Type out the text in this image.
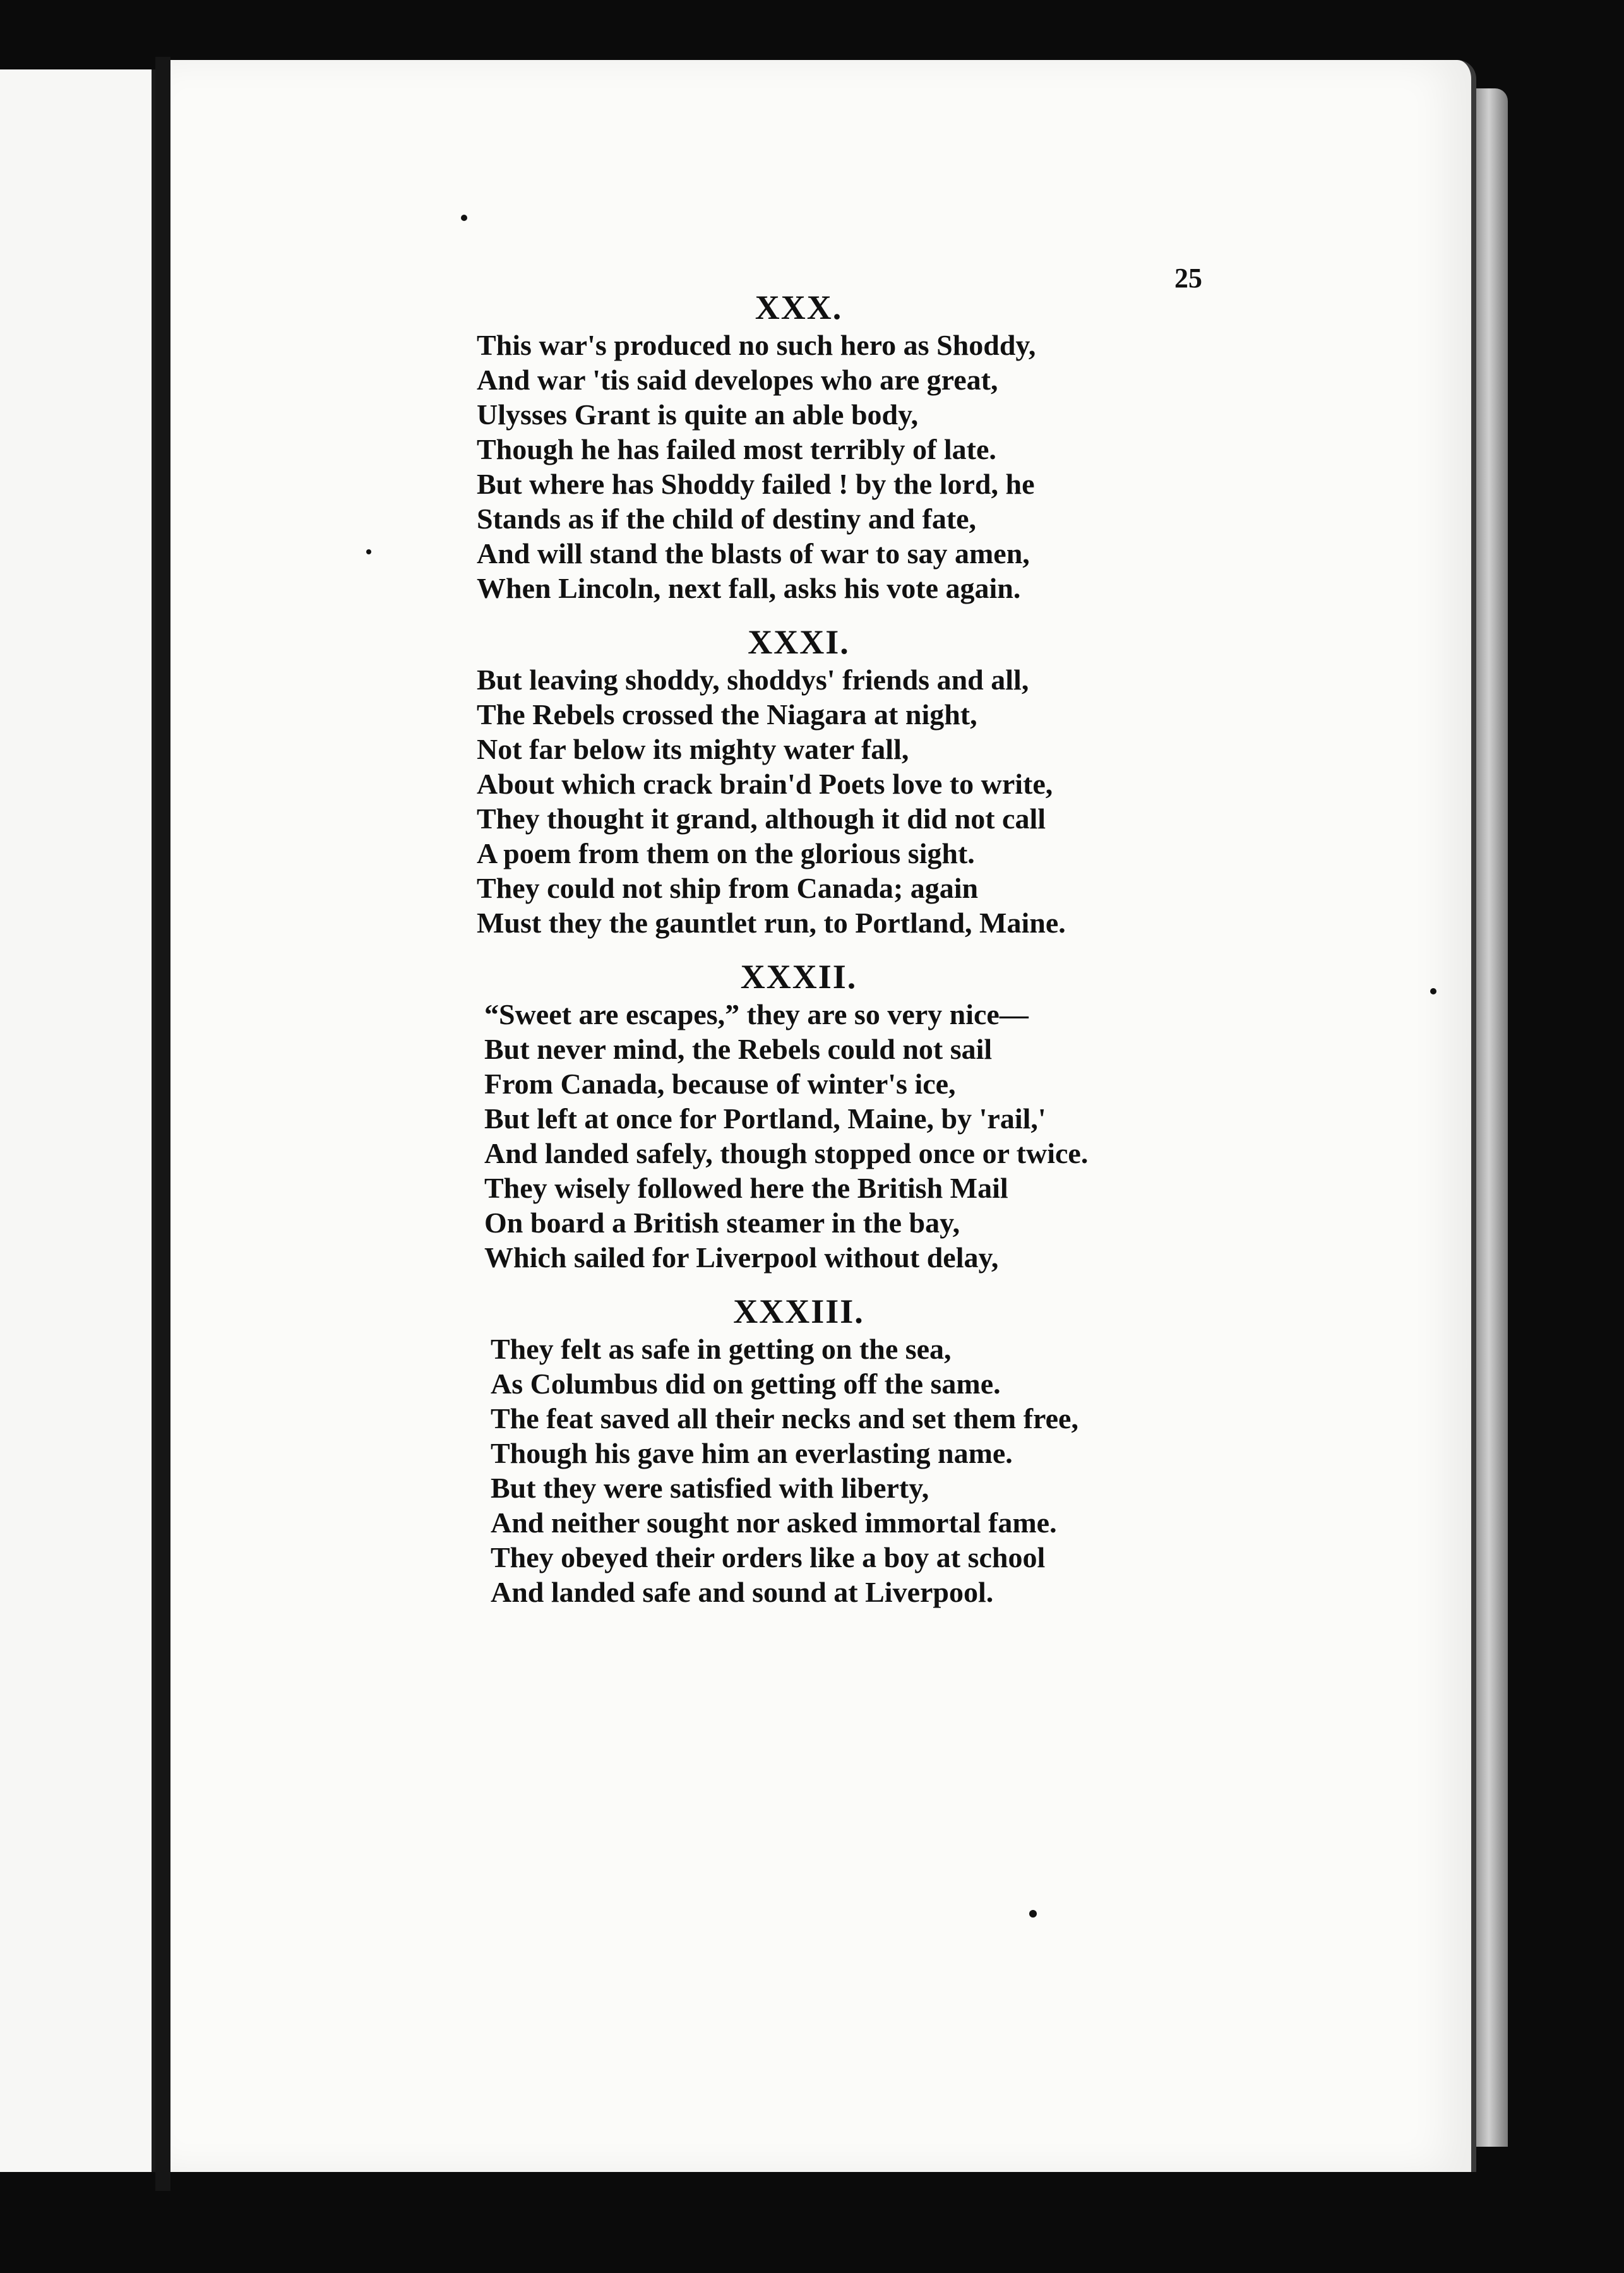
25
XXX.
This war's produced no such hero as Shoddy,
And war 'tis said developes who are great,
Ulysses Grant is quite an able body,
Though he has failed most terribly of late.
But where has Shoddy failed ! by the lord, he
Stands as if the child of destiny and fate,
And will stand the blasts of war to say amen,
When Lincoln, next fall, asks his vote again.
XXXI.
But leaving shoddy, shoddys' friends and all,
The Rebels crossed the Niagara at night,
Not far below its mighty water fall,
About which crack brain'd Poets love to write,
They thought it grand, although it did not call
A poem from them on the glorious sight.
They could not ship from Canada; again
Must they the gauntlet run, to Portland, Maine.
XXXII.
“Sweet are escapes,” they are so very nice—
But never mind, the Rebels could not sail
From Canada, because of winter's ice,
But left at once for Portland, Maine, by 'rail,'
And landed safely, though stopped once or twice.
They wisely followed here the British Mail
On board a British steamer in the bay,
Which sailed for Liverpool without delay,
XXXIII.
They felt as safe in getting on the sea,
As Columbus did on getting off the same.
The feat saved all their necks and set them free,
Though his gave him an everlasting name.
But they were satisfied with liberty,
And neither sought nor asked immortal fame.
They obeyed their orders like a boy at school
And landed safe and sound at Liverpool.
